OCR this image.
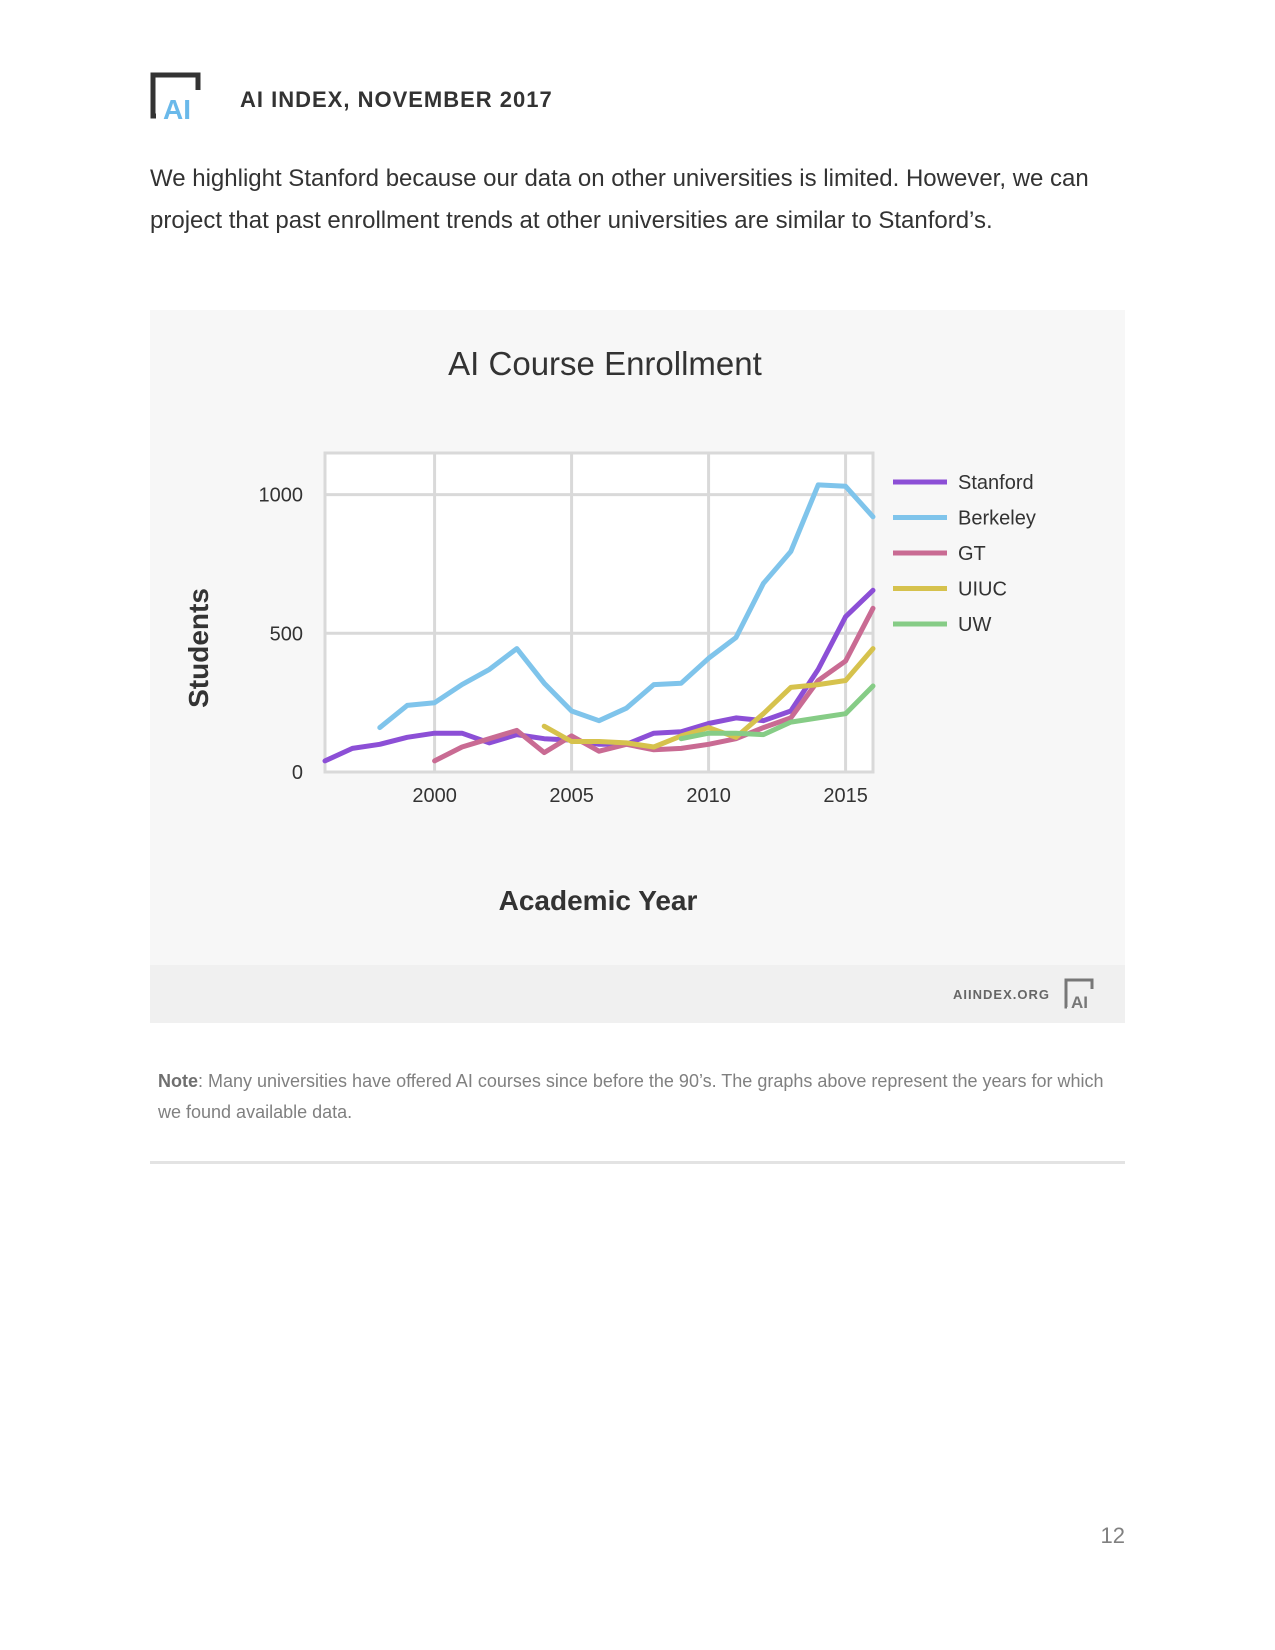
AI AI INDEX, NOVEMBER 2017
We highlight Stanford because our data on other universities is limited. However, we can project that past enrollment trends at other universities are similar to Stanford’s.
AI Course Enrollment
2000	2005	2010	2015
0
500
1000
Stanford
Berkeley
GT
UIUC
UW
Academic Year
Students
AIINDEX.ORG AI
Note: Many universities have offered AI courses since before the 90’s. The graphs above represent the years for which we found available data.
12
